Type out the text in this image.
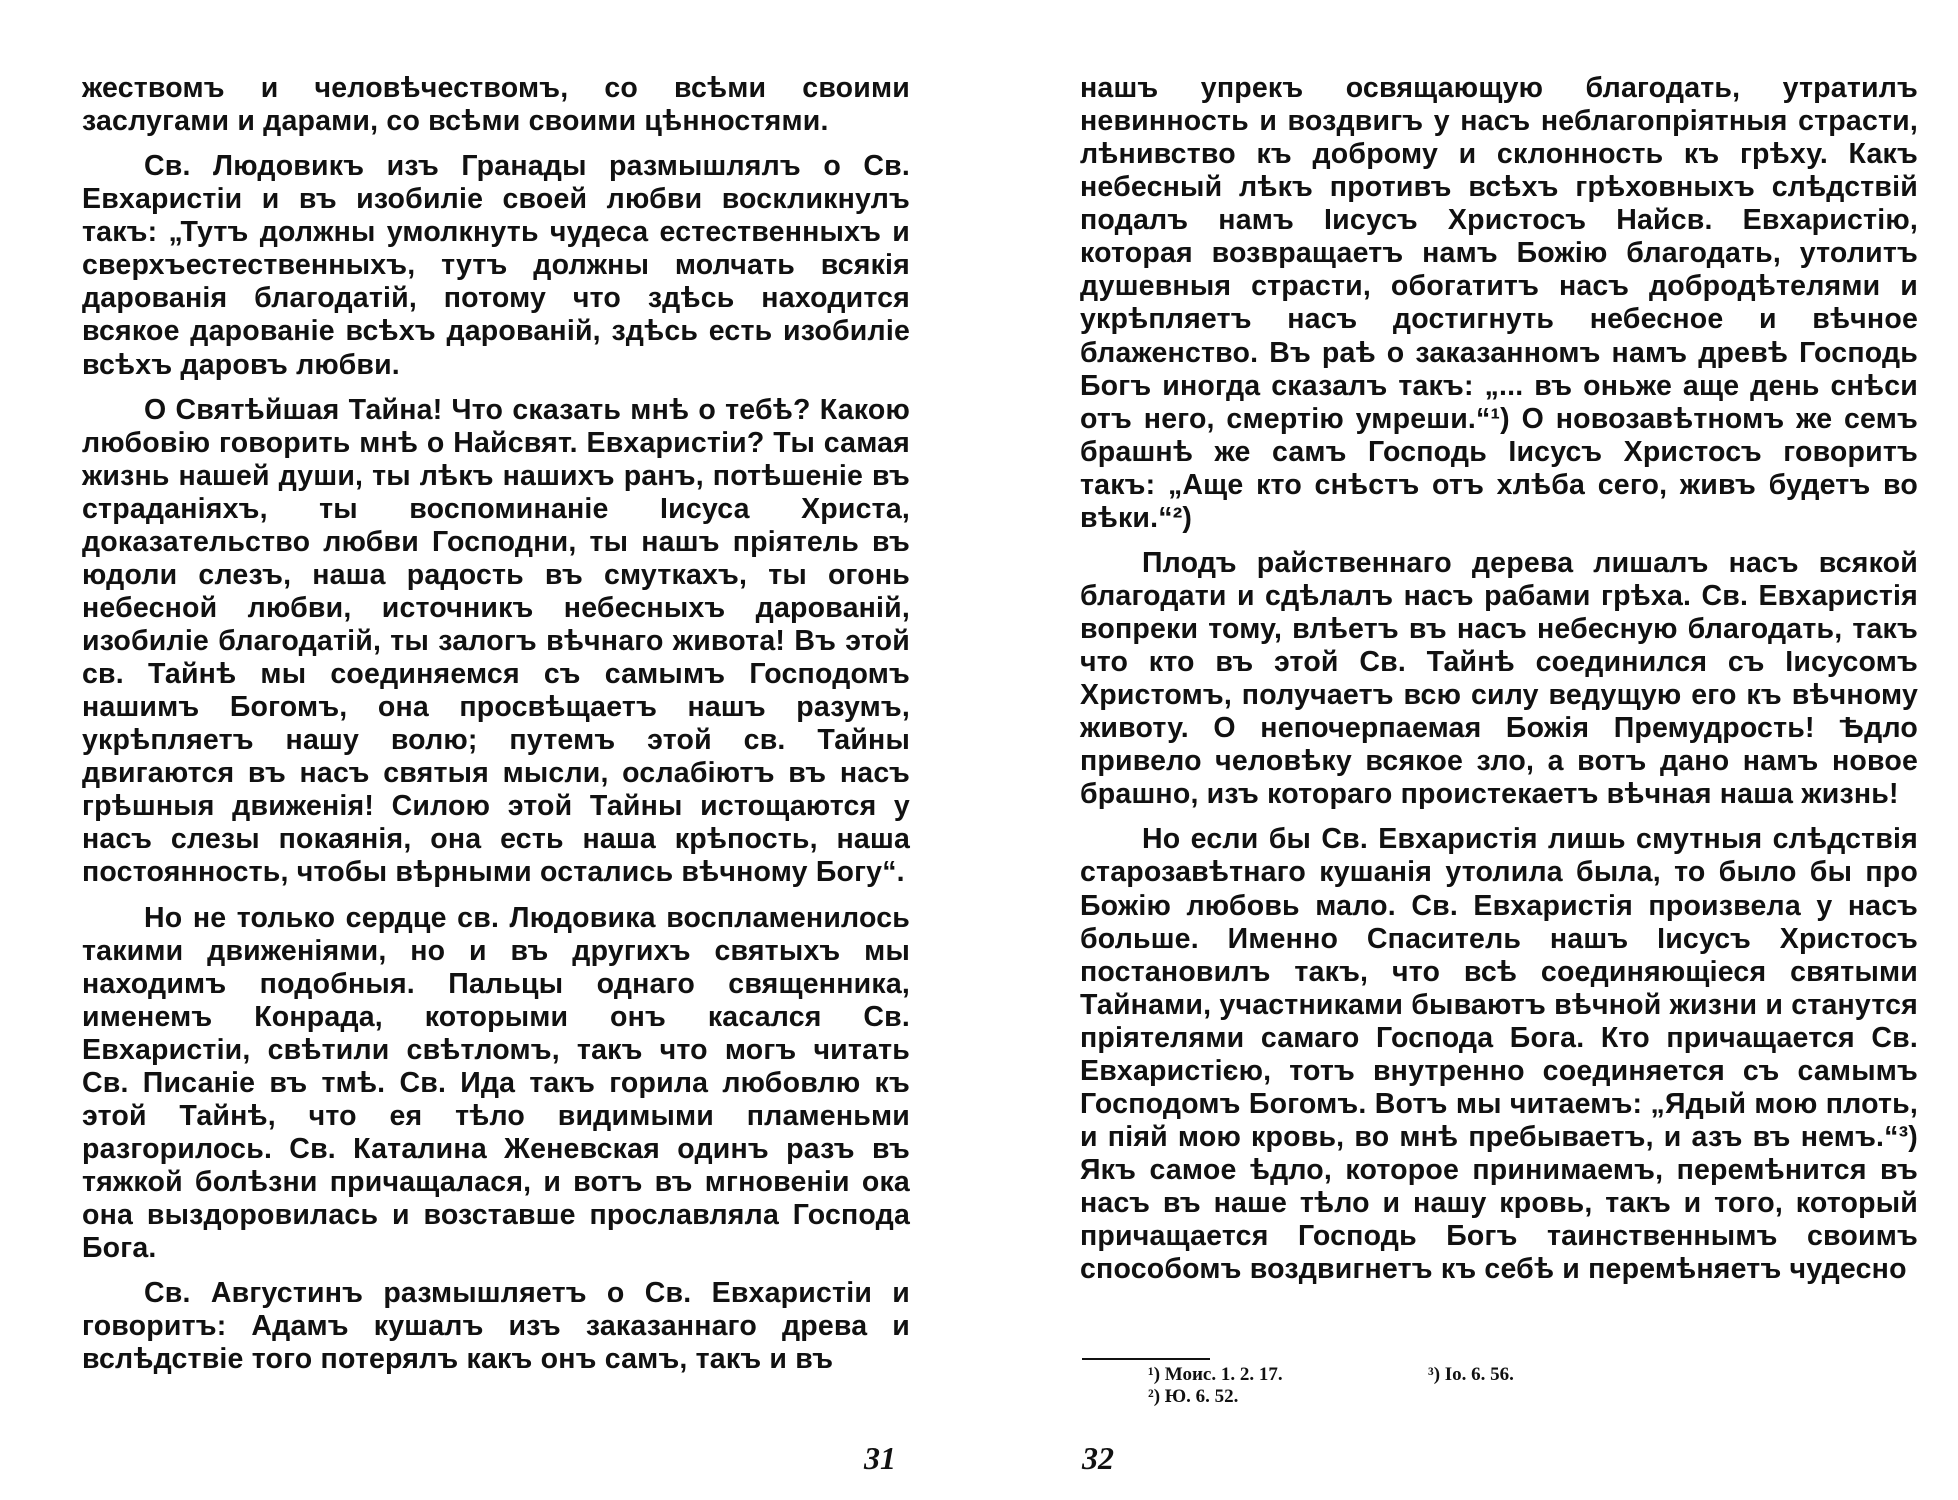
жествомъ и человѣчествомъ, со всѣми своими заслугами и дарами, со всѣми своими цѣнностями.

Св. Людовикъ изъ Гранады размышлялъ о Св. Евхаристіи и въ изобиліе своей любви воскликнулъ такъ: „Тутъ должны умолкнуть чудеса естественныхъ и сверхъестественныхъ, тутъ должны молчать всякія дарованія благодатій, потому что здѣсь находится всякое дарованіе всѣхъ дарованій, здѣсь есть изобиліе всѣхъ даровъ любви.

О Святѣйшая Тайна! Что сказать мнѣ о тебѣ? Какою любовію говорить мнѣ о Найсвят. Евхаристіи? Ты самая жизнь нашей души, ты лѣкъ нашихъ ранъ, потѣшеніе въ страданіяхъ, ты воспоминаніе Іисуса Христа, доказательство любви Господни, ты нашъ пріятель въ юдоли слезъ, наша радость въ смуткахъ, ты огонь небесной любви, источникъ небесныхъ дарованій, изобиліе благодатій, ты залогъ вѣчнаго живота! Въ этой св. Тайнѣ мы соединяемся съ самымъ Господомъ нашимъ Богомъ, она просвѣщаетъ нашъ разумъ, укрѣпляетъ нашу волю; путемъ этой св. Тайны двигаются въ насъ святыя мысли, ослабіютъ въ насъ грѣшныя движенія! Силою этой Тайны истощаются у насъ слезы покаянія, она есть наша крѣпость, наша постоянность, чтобы вѣрными остались вѣчному Богу“.

Но не только сердце св. Людовика воспламенилось такими движеніями, но и въ другихъ святыхъ мы находимъ подобныя. Пальцы однаго священника, именемъ Конрада, которыми онъ касался Св. Евхаристіи, свѣтили свѣтломъ, такъ что могъ читать Св. Писаніе въ тмѣ. Св. Ида такъ горила любовлю къ этой Тайнѣ, что ея тѣло видимыми пламеньми разгорилось. Св. Каталина Женевская одинъ разъ въ тяжкой болѣзни причащалася, и вотъ въ мгновеніи ока она выздоровилась и возставше прославляла Господа Бога.

Св. Августинъ размышляетъ о Св. Евхаристіи и говоритъ: Адамъ кушалъ изъ заказаннаго древа и вслѣдствіе того потерялъ какъ онъ самъ, такъ и въ

нашъ упрекъ освящающую благодать, утратилъ невинность и воздвигъ у насъ неблагопріятныя страсти, лѣнивство къ доброму и склонность къ грѣху. Какъ небесный лѣкъ противъ всѣхъ грѣховныхъ слѣдствій подалъ намъ Іисусъ Христосъ Найсв. Евхаристію, которая возвращаетъ намъ Божію благодать, утолитъ душевныя страсти, обогатитъ насъ добродѣтелями и укрѣпляетъ насъ достигнуть небесное и вѣчное блаженство. Въ раѣ о заказанномъ намъ древѣ Господь Богъ иногда сказалъ такъ: „... въ оньже аще день снѣси отъ него, смертію умреши.“¹) О новозавѣтномъ же семъ брашнѣ же самъ Господь Іисусъ Христосъ говоритъ такъ: „Аще кто снѣстъ отъ хлѣба сего, живъ будетъ во вѣки.“²)

Плодъ райственнаго дерева лишалъ насъ всякой благодати и сдѣлалъ насъ рабами грѣха. Св. Евхаристія вопреки тому, влѣетъ въ насъ небесную благодать, такъ что кто въ этой Св. Тайнѣ соединился съ Іисусомъ Христомъ, получаетъ всю силу ведущую его къ вѣчному животу. О непочерпаемая Божія Премудрость! Ѣдло привело человѣку всякое зло, а вотъ дано намъ новое брашно, изъ котораго проистекаетъ вѣчная наша жизнь!

Но если бы Св. Евхаристія лишь смутныя слѣдствія старозавѣтнаго кушанія утолила была, то было бы про Божію любовь мало. Св. Евхаристія произвела у насъ больше. Именно Спаситель нашъ Іисусъ Христосъ постановилъ такъ, что всѣ соединяющіеся святыми Тайнами, участниками бываютъ вѣчной жизни и станутся пріятелями самаго Господа Бога. Кто причащается Св. Евхаристією, тотъ внутренно соединяется съ самымъ Господомъ Богомъ. Вотъ мы читаемъ: „Ядый мою плоть, и піяй мою кровь, во мнѣ пребываетъ, и азъ въ немъ.“³) Якъ самое ѣдло, которое принимаемъ, перемѣнится въ насъ въ наше тѣло и нашу кровь, такъ и того, который причащается Господь Богъ таинственнымъ своимъ способомъ воздвигнетъ къ себѣ и перемѣняетъ чудесно

¹) Моис. 1. 2. 17.	³) Іо. 6. 56.
²) Ю. 6. 52.
31	32
